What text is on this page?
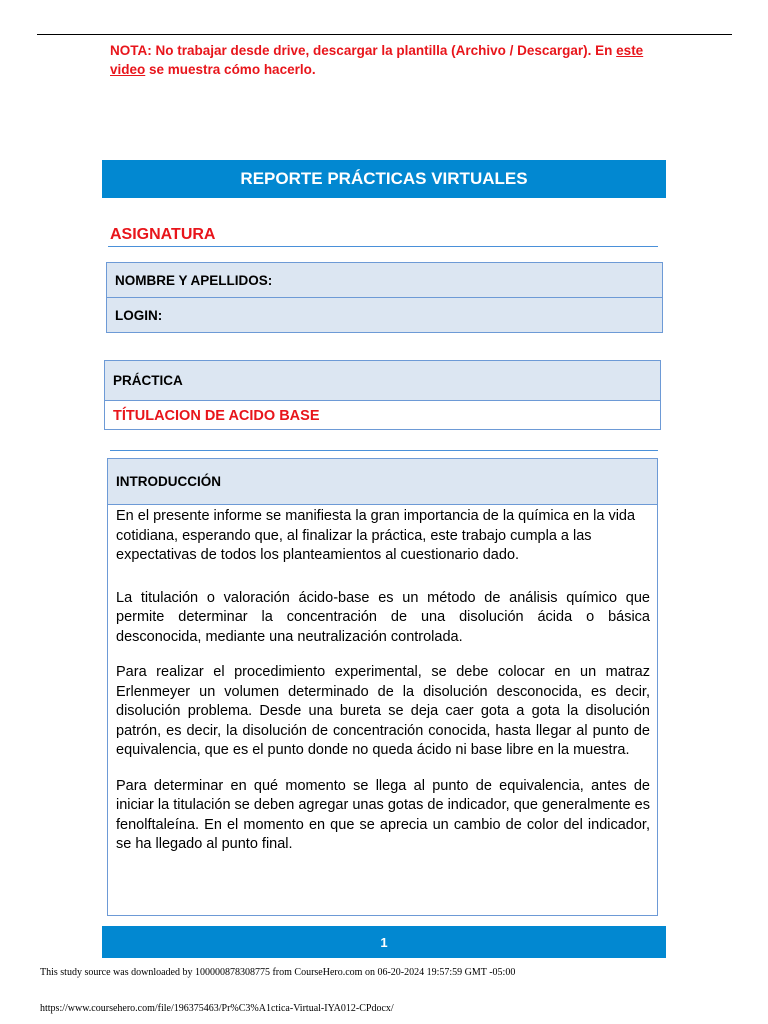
NOTA: No trabajar desde drive, descargar la plantilla (Archivo / Descargar). En este video se muestra cómo hacerlo.
REPORTE PRÁCTICAS VIRTUALES
ASIGNATURA
NOMBRE Y APELLIDOS:
LOGIN:
PRÁCTICA
TÍTULACION DE ACIDO BASE
INTRODUCCIÓN

En el presente informe se manifiesta la gran importancia de la química en la vida cotidiana, esperando que, al finalizar la práctica, este trabajo cumpla a las expectativas de todos los planteamientos al cuestionario dado.

La titulación o valoración ácido-base es un método de análisis químico que permite determinar la concentración de una disolución ácida o básica desconocida, mediante una neutralización controlada.

Para realizar el procedimiento experimental, se debe colocar en un matraz Erlenmeyer un volumen determinado de la disolución desconocida, es decir, disolución problema. Desde una bureta se deja caer gota a gota la disolución patrón, es decir, la disolución de concentración conocida, hasta llegar al punto de equivalencia, que es el punto donde no queda ácido ni base libre en la muestra.

Para determinar en qué momento se llega al punto de equivalencia, antes de iniciar la titulación se deben agregar unas gotas de indicador, que generalmente es fenolftaleína. En el momento en que se aprecia un cambio de color del indicador, se ha llegado al punto final.

1
This study source was downloaded by 100000878308775 from CourseHero.com on 06-20-2024 19:57:59 GMT -05:00
https://www.coursehero.com/file/196375463/Pr%C3%A1ctica-Virtual-IYA012-CPdocx/
